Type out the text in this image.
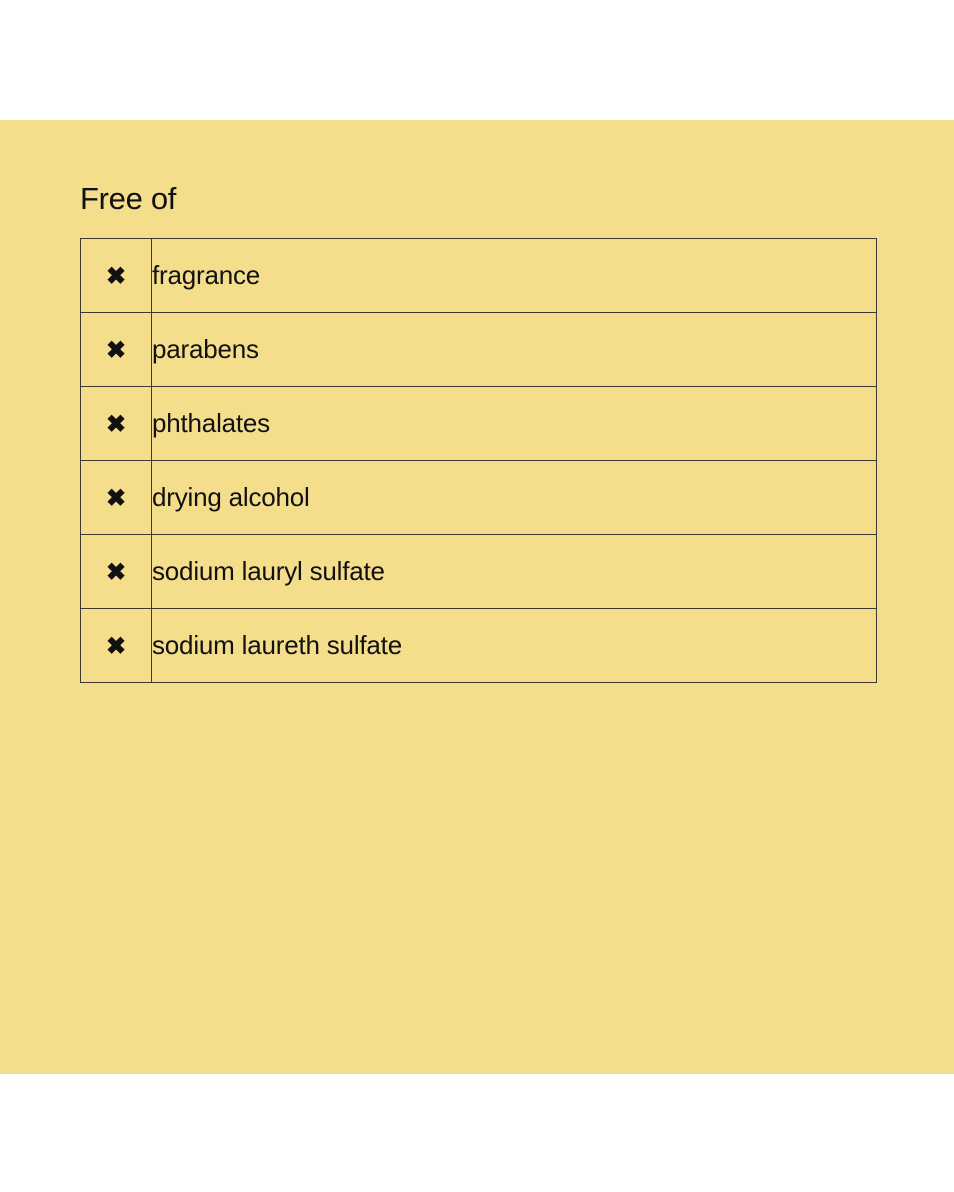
Free of
✖	fragrance
✖	parabens
✖	phthalates
✖	drying alcohol
✖	sodium lauryl sulfate
✖	sodium laureth sulfate
